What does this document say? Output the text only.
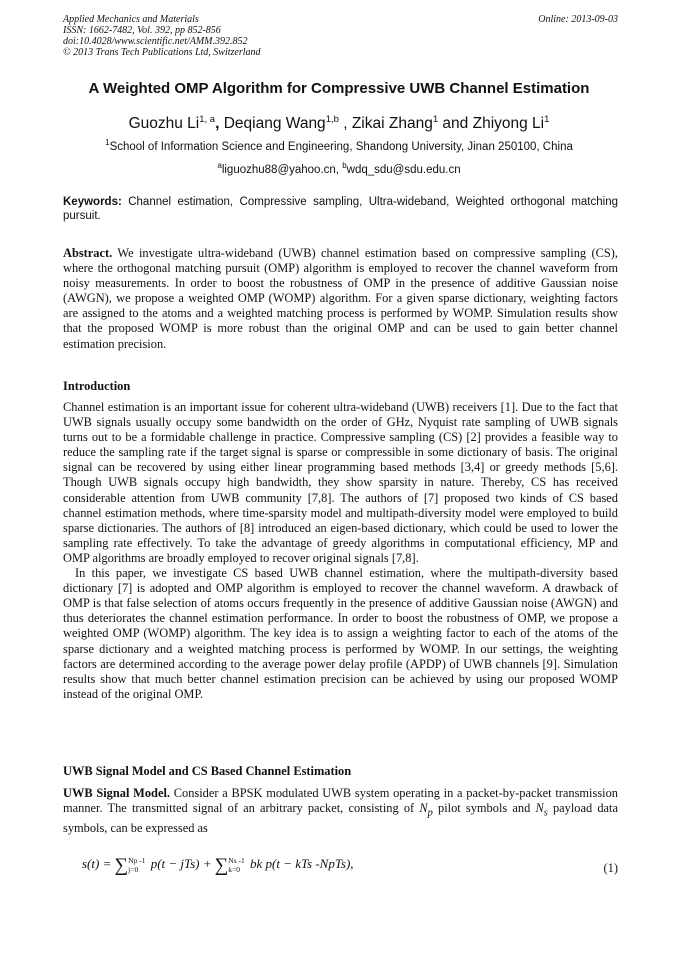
Applied Mechanics and Materials
ISSN: 1662-7482, Vol. 392, pp 852-856
doi:10.4028/www.scientific.net/AMM.392.852
© 2013 Trans Tech Publications Ltd, Switzerland
Online: 2013-09-03
A Weighted OMP Algorithm for Compressive UWB Channel Estimation
Guozhu Li$^{1, a}$, Deqiang Wang$^{1,b}$ , Zikai Zhang$^1$ and Zhiyong Li$^1$
$^1$School of Information Science and Engineering, Shandong University, Jinan 250100, China
$^a$liguozhu88@yahoo.cn, $^b$wdq_sdu@sdu.edu.cn
Keywords: Channel estimation, Compressive sampling, Ultra-wideband, Weighted orthogonal matching pursuit.

Abstract. We investigate ultra-wideband (UWB) channel estimation based on compressive sampling (CS), where the orthogonal matching pursuit (OMP) algorithm is employed to recover the channel waveform from noisy measurements. In order to boost the robustness of OMP in the presence of additive Gaussian noise (AWGN), we propose a weighted OMP (WOMP) algorithm. For a given sparse dictionary, weighting factors are assigned to the atoms and a weighted matching process is performed by WOMP. Simulation results show that the proposed WOMP is more robust than the original OMP and can be used to gain better channel estimation precision.

Introduction

Channel estimation is an important issue for coherent ultra-wideband (UWB) receivers [1]. Due to the fact that UWB signals usually occupy some bandwidth on the order of GHz, Nyquist rate sampling of UWB signals turns out to be a formidable challenge in practice. Compressive sampling (CS) [2] provides a feasible way to reduce the sampling rate if the target signal is sparse or compressible in some dictionary of basis. The original signal can be recovered by using either linear programming based methods [3,4] or greedy methods [5,6]. Though UWB signals occupy high bandwidth, they show sparsity in nature. Thereby, CS has received considerable attention from UWB community [7,8]. The authors of [7] proposed two kinds of CS based channel estimation methods, where time-sparsity model and multipath-diversity model were employed to build sparse dictionaries. The authors of [8] introduced an eigen-based dictionary, which could be used to lower the sampling rate effectively. To take the advantage of greedy algorithms in computational efficiency, MP and OMP algorithms are broadly employed to recover original signals [7,8].

In this paper, we investigate CS based UWB channel estimation, where the multipath-diversity based dictionary [7] is adopted and OMP algorithm is employed to recover the channel waveform. A drawback of OMP is that false selection of atoms occurs frequently in the presence of additive Gaussian noise (AWGN) and thus deteriorates the channel estimation performance. In order to boost the robustness of OMP, we propose a weighted OMP (WOMP) algorithm. The key idea is to assign a weighting factor to each of the atoms of the sparse dictionary and a weighted matching process is performed by WOMP. In our settings, the weighting factors are determined according to the average power delay profile (APDP) of UWB channels [9]. Simulation results show that much better channel estimation precision can be achieved by using our proposed WOMP instead of the original OMP.

UWB Signal Model and CS Based Channel Estimation

UWB Signal Model. Consider a BPSK modulated UWB system operating in a packet-by-packet transmission manner. The transmitted signal of an arbitrary packet, consisting of $N_p$ pilot symbols and $N_s$ payload data symbols, can be expressed as

s(t) = ∑ Np -1
j=0 p(t − jTs) + ∑ Ns -1
k=0 bk p(t − kTs -NpTs),	(1)
